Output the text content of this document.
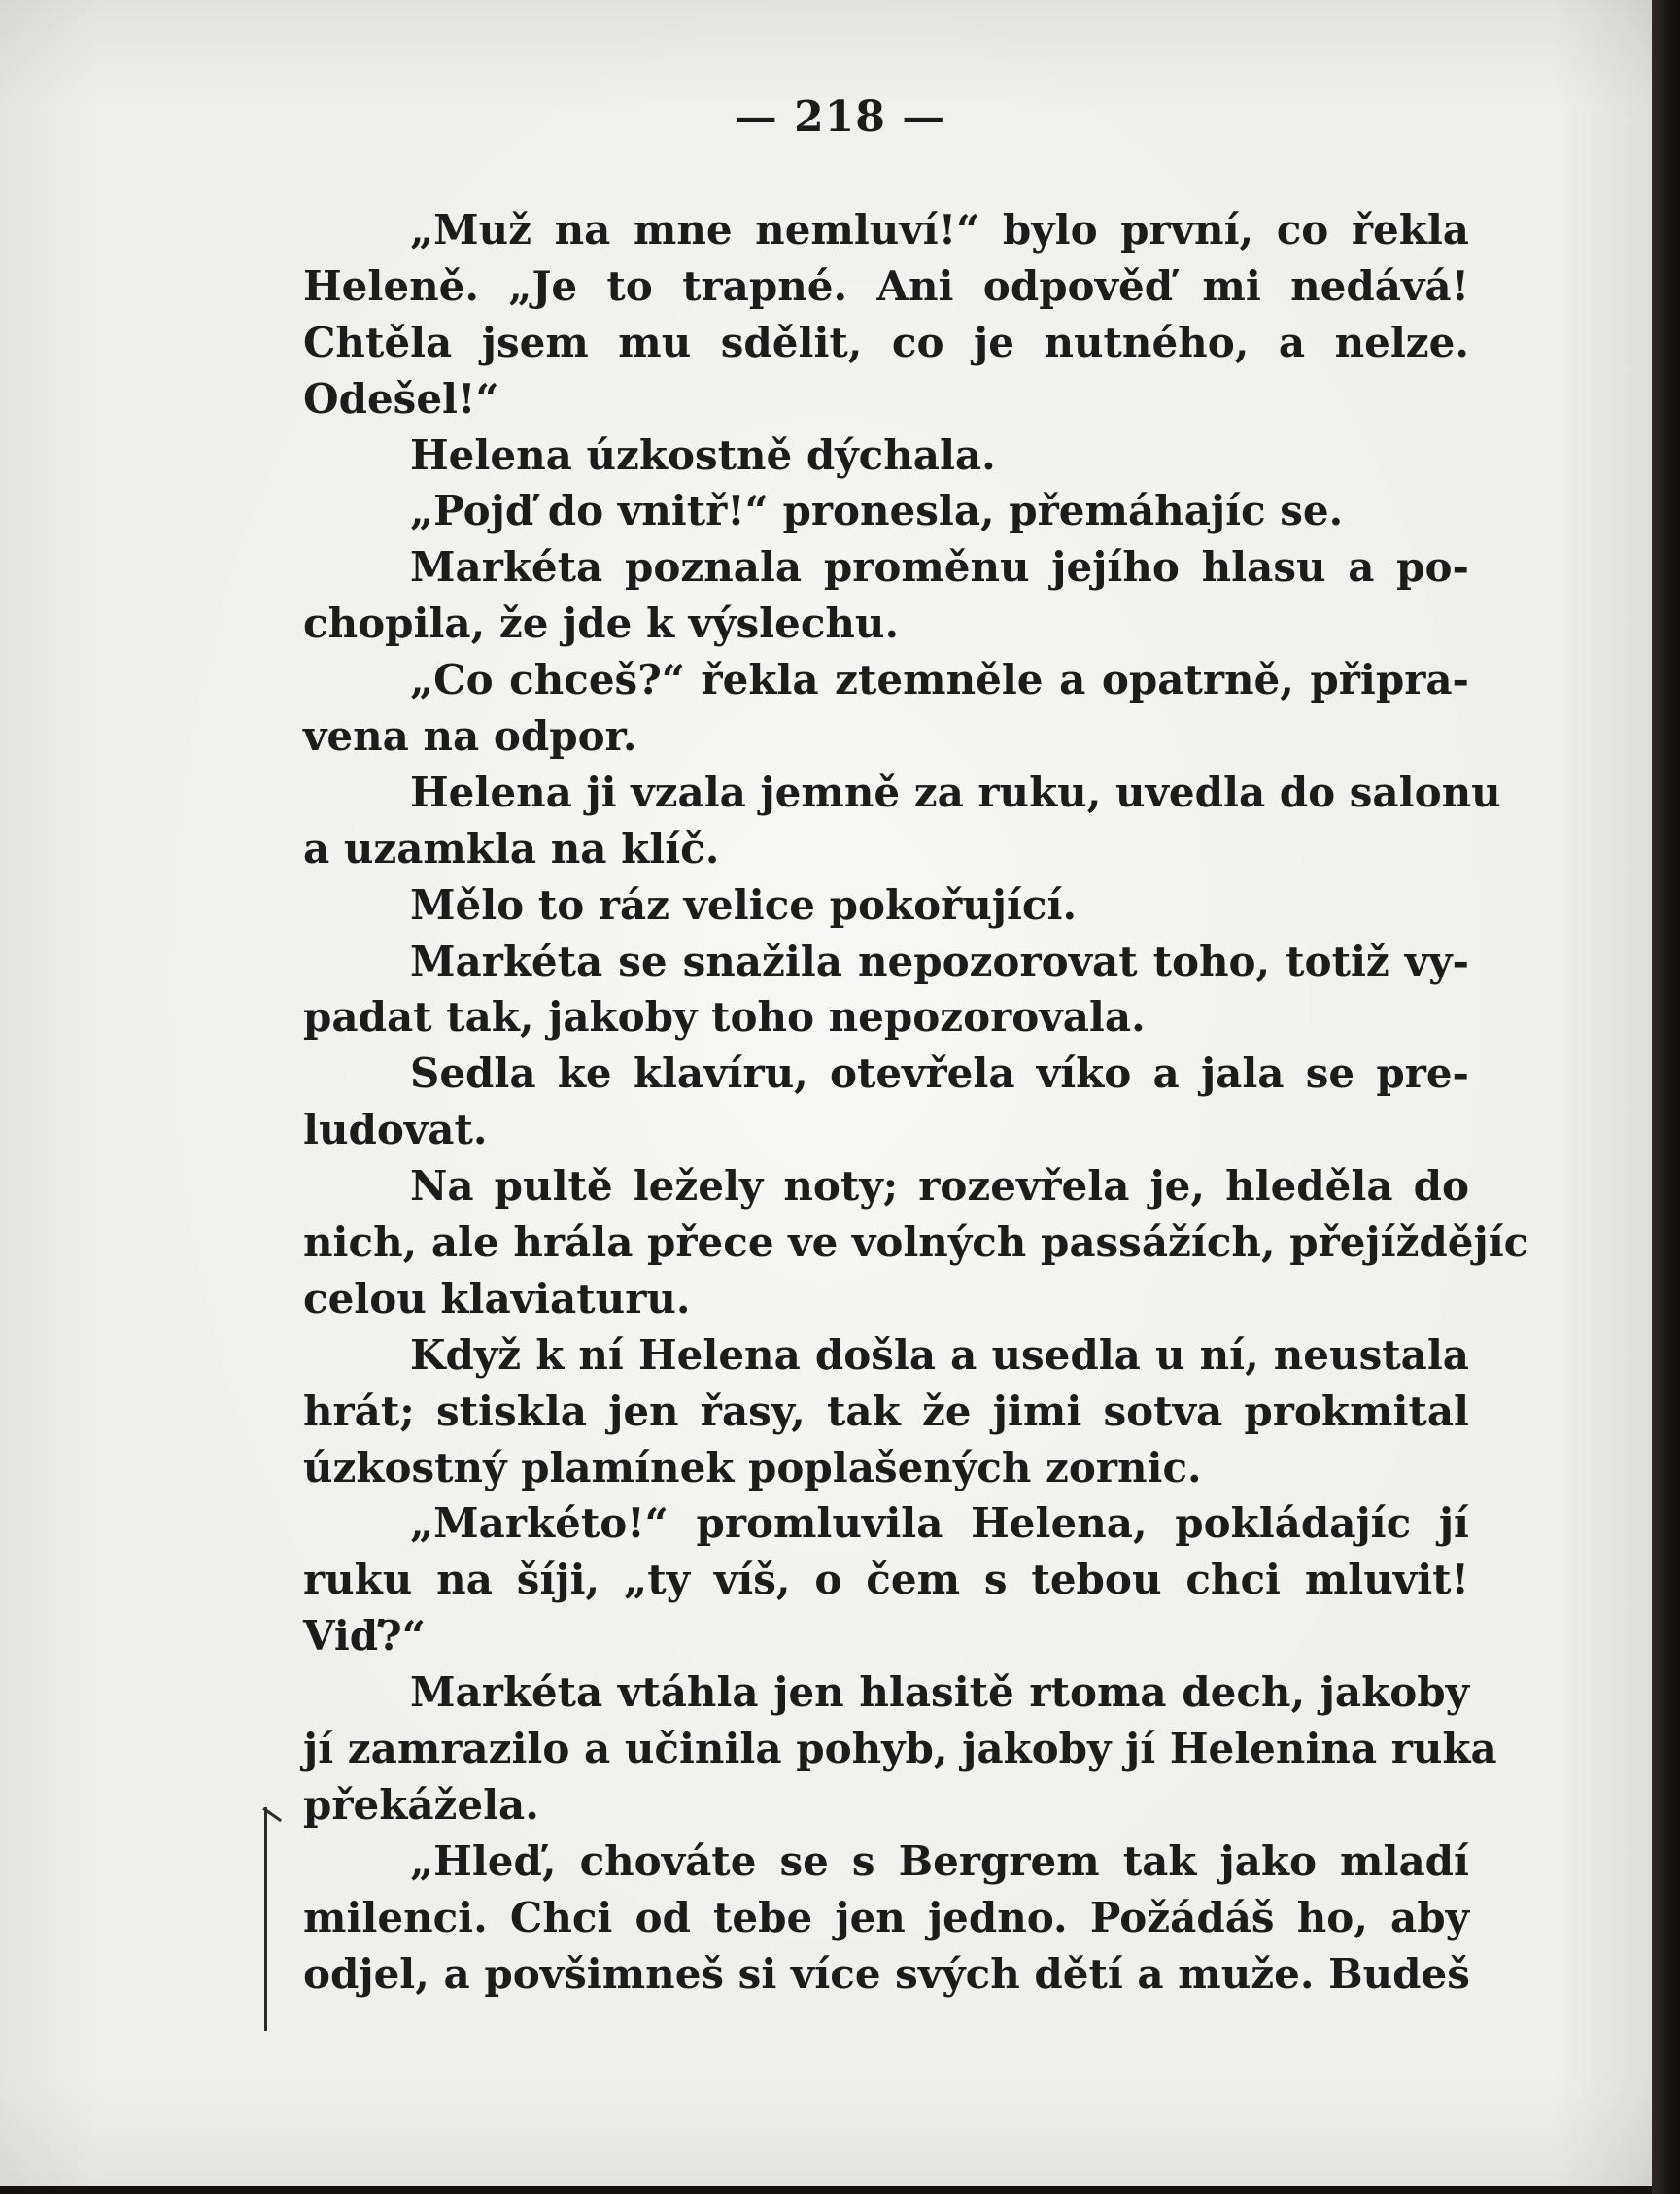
— 218 —
„Muž na mne nemluví!“ bylo první, co řekla
Heleně. „Je to trapné. Ani odpověď mi nedává!
Chtěla jsem mu sdělit, co je nutného, a nelze.
Odešel!“
Helena úzkostně dýchala.
„Pojď do vnitř!“ pronesla, přemáhajíc se.
Markéta poznala proměnu jejího hlasu a po-
chopila, že jde k výslechu.
„Co chceš?“ řekla ztemněle a opatrně, připra-
vena na odpor.
Helena ji vzala jemně za ruku, uvedla do salonu
a uzamkla na klíč.
Mělo to ráz velice pokořující.
Markéta se snažila nepozorovat toho, totiž vy-
padat tak, jakoby toho nepozorovala.
Sedla ke klavíru, otevřela víko a jala se pre-
ludovat.
Na pultě ležely noty; rozevřela je, hleděla do
nich, ale hrála přece ve volných passážích, přejíždějíc
celou klaviaturu.
Když k ní Helena došla a usedla u ní, neustala
hrát; stiskla jen řasy, tak že jimi sotva prokmital
úzkostný plamínek poplašených zornic.
„Markéto!“ promluvila Helena, pokládajíc jí
ruku na šíji, „ty víš, o čem s tebou chci mluvit!
Viď?“
Markéta vtáhla jen hlasitě rtoma dech, jakoby
jí zamrazilo a učinila pohyb, jakoby jí Helenina ruka
překážela.
„Hleď, chováte se s Bergrem tak jako mladí
milenci. Chci od tebe jen jedno. Požádáš ho, aby
odjel, a povšimneš si více svých dětí a muže. Budeš
